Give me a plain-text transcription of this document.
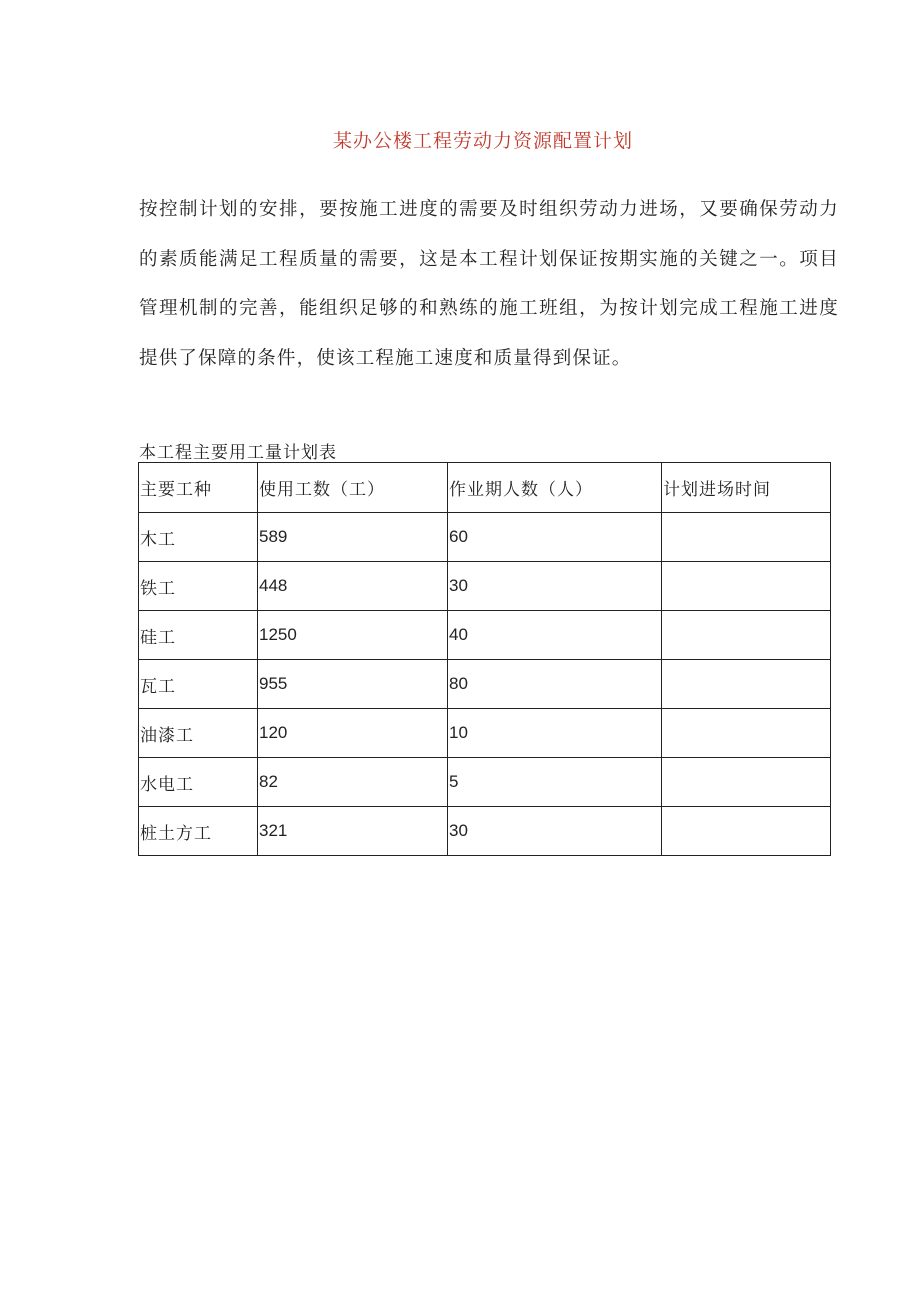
某办公楼工程劳动力资源配置计划

按控制计划的安排，要按施工进度的需要及时组织劳动力进场，又要确保劳动力的素质能满足工程质量的需要，这是本工程计划保证按期实施的关键之一。项目管理机制的完善，能组织足够的和熟练的施工班组，为按计划完成工程施工进度提供了保障的条件，使该工程施工速度和质量得到保证。

本工程主要用工量计划表
主要工种	使用工数（工）	作业期人数（人）	计划进场时间
木工	589	60	
铁工	448	30	
硅工	1250	40	
瓦工	955	80	
油漆工	120	10	
水电工	82	5	
桩土方工	321	30	
